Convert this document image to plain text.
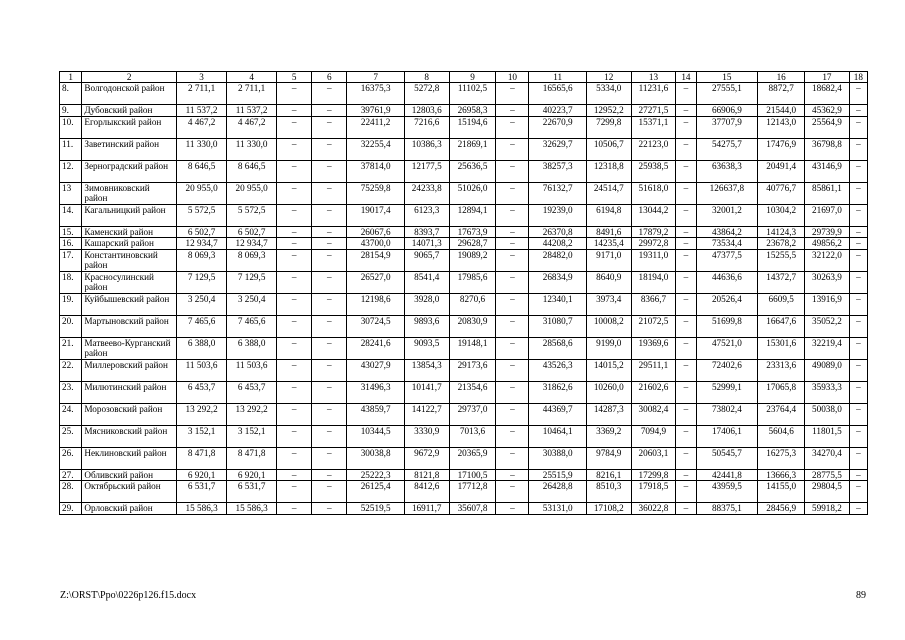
1	2	3	4	5	6	7	8	9	10	11	12	13	14	15	16	17	18
8.	Волгодонской район	2 711,1	2 711,1	–	–	16375,3	5272,8	11102,5	–	16565,6	5334,0	11231,6	–	27555,1	8872,7	18682,4	–
9.	Дубовский район	11 537,2	11 537,2	–	–	39761,9	12803,6	26958,3	–	40223,7	12952,2	27271,5	–	66906,9	21544,0	45362,9	–
10.	Егорлыкский район	4 467,2	4 467,2	–	–	22411,2	7216,6	15194,6	–	22670,9	7299,8	15371,1	–	37707,9	12143,0	25564,9	–
11.	Заветинский район	11 330,0	11 330,0	–	–	32255,4	10386,3	21869,1	–	32629,7	10506,7	22123,0	–	54275,7	17476,9	36798,8	–
12.	Зерноградский район	8 646,5	8 646,5	–	–	37814,0	12177,5	25636,5	–	38257,3	12318,8	25938,5	–	63638,3	20491,4	43146,9	–
13	Зимовниковский район	20 955,0	20 955,0	–	–	75259,8	24233,8	51026,0	–	76132,7	24514,7	51618,0	–	126637,8	40776,7	85861,1	–
14.	Кагальницкий район	5 572,5	5 572,5	–	–	19017,4	6123,3	12894,1	–	19239,0	6194,8	13044,2	–	32001,2	10304,2	21697,0	–
15.	Каменский район	6 502,7	6 502,7	–	–	26067,6	8393,7	17673,9	–	26370,8	8491,6	17879,2	–	43864,2	14124,3	29739,9	–
16.	Кашарский район	12 934,7	12 934,7	–	–	43700,0	14071,3	29628,7	–	44208,2	14235,4	29972,8	–	73534,4	23678,2	49856,2	–
17.	Константиновский район	8 069,3	8 069,3	–	–	28154,9	9065,7	19089,2	–	28482,0	9171,0	19311,0	–	47377,5	15255,5	32122,0	–
18.	Красносулинский район	7 129,5	7 129,5	–	–	26527,0	8541,4	17985,6	–	26834,9	8640,9	18194,0	–	44636,6	14372,7	30263,9	–
19.	Куйбышевский район	3 250,4	3 250,4	–	–	12198,6	3928,0	8270,6	–	12340,1	3973,4	8366,7	–	20526,4	6609,5	13916,9	–
20.	Мартыновский район	7 465,6	7 465,6	–	–	30724,5	9893,6	20830,9	–	31080,7	10008,2	21072,5	–	51699,8	16647,6	35052,2	–
21.	Матвеево-Курганский район	6 388,0	6 388,0	–	–	28241,6	9093,5	19148,1	–	28568,6	9199,0	19369,6	–	47521,0	15301,6	32219,4	–
22.	Миллеровский район	11 503,6	11 503,6	–	–	43027,9	13854,3	29173,6	–	43526,3	14015,2	29511,1	–	72402,6	23313,6	49089,0	–
23.	Милютинский район	6 453,7	6 453,7	–	–	31496,3	10141,7	21354,6	–	31862,6	10260,0	21602,6	–	52999,1	17065,8	35933,3	–
24.	Морозовский район	13 292,2	13 292,2	–	–	43859,7	14122,7	29737,0	–	44369,7	14287,3	30082,4	–	73802,4	23764,4	50038,0	–
25.	Мясниковский район	3 152,1	3 152,1	–	–	10344,5	3330,9	7013,6	–	10464,1	3369,2	7094,9	–	17406,1	5604,6	11801,5	–
26.	Неклиновский район	8 471,8	8 471,8	–	–	30038,8	9672,9	20365,9	–	30388,0	9784,9	20603,1	–	50545,7	16275,3	34270,4	–
27.	Обливский район	6 920,1	6 920,1	–	–	25222,3	8121,8	17100,5	–	25515,9	8216,1	17299,8	–	42441,8	13666,3	28775,5	–
28.	Октябрьский район	6 531,7	6 531,7	–	–	26125,4	8412,6	17712,8	–	26428,8	8510,3	17918,5	–	43959,5	14155,0	29804,5	–
29.	Орловский район	15 586,3	15 586,3	–	–	52519,5	16911,7	35607,8	–	53131,0	17108,2	36022,8	–	88375,1	28456,9	59918,2	–
Z:\ORST\Ppo\0226p126.f15.docx	89
